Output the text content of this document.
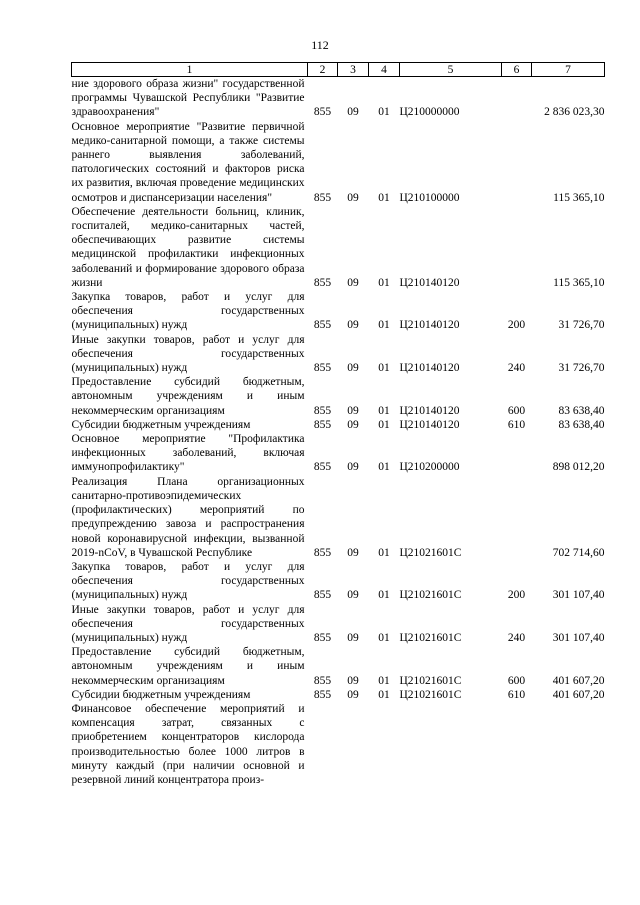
112
1	2	3	4	5	6	7
ние здорового образа жизни" государственной программы Чувашской Республики "Развитие здравоохранения"	855	09	01	Ц210000000		2 836 023,30
Основное мероприятие "Развитие первичной медико-санитарной помощи, а также системы раннего выявления заболеваний, патологических состояний и факторов риска их развития, включая проведение медицинских осмотров и диспансеризации населения"	855	09	01	Ц210100000		115 365,10
Обеспечение деятельности больниц, клиник, госпиталей, медико-санитарных частей, обеспечивающих развитие системы медицинской профилактики инфекционных заболеваний и формирование здорового образа жизни	855	09	01	Ц210140120		115 365,10
Закупка товаров, работ и услуг для обеспечения государственных (муниципальных) нужд	855	09	01	Ц210140120	200	31 726,70
Иные закупки товаров, работ и услуг для обеспечения государственных (муниципальных) нужд	855	09	01	Ц210140120	240	31 726,70
Предоставление субсидий бюджетным, автономным учреждениям и иным некоммерческим организациям	855	09	01	Ц210140120	600	83 638,40
Субсидии бюджетным учреждениям	855	09	01	Ц210140120	610	83 638,40
Основное мероприятие "Профилактика инфекционных заболеваний, включая иммунопрофилактику"	855	09	01	Ц210200000		898 012,20
Реализация Плана организационных санитарно-противоэпидемических (профилактических) мероприятий по предупреждению завоза и распространения новой коронавирусной инфекции, вызванной 2019-nCoV, в Чувашской Республике	855	09	01	Ц21021601С		702 714,60
Закупка товаров, работ и услуг для обеспечения государственных (муниципальных) нужд	855	09	01	Ц21021601С	200	301 107,40
Иные закупки товаров, работ и услуг для обеспечения государственных (муниципальных) нужд	855	09	01	Ц21021601С	240	301 107,40
Предоставление субсидий бюджетным, автономным учреждениям и иным некоммерческим организациям	855	09	01	Ц21021601С	600	401 607,20
Субсидии бюджетным учреждениям	855	09	01	Ц21021601С	610	401 607,20
Финансовое обеспечение мероприятий и компенсация затрат, связанных с приобретением концентраторов кислорода производительностью более 1000 литров в минуту каждый (при наличии основной и резервной линий концентратора произ-						
